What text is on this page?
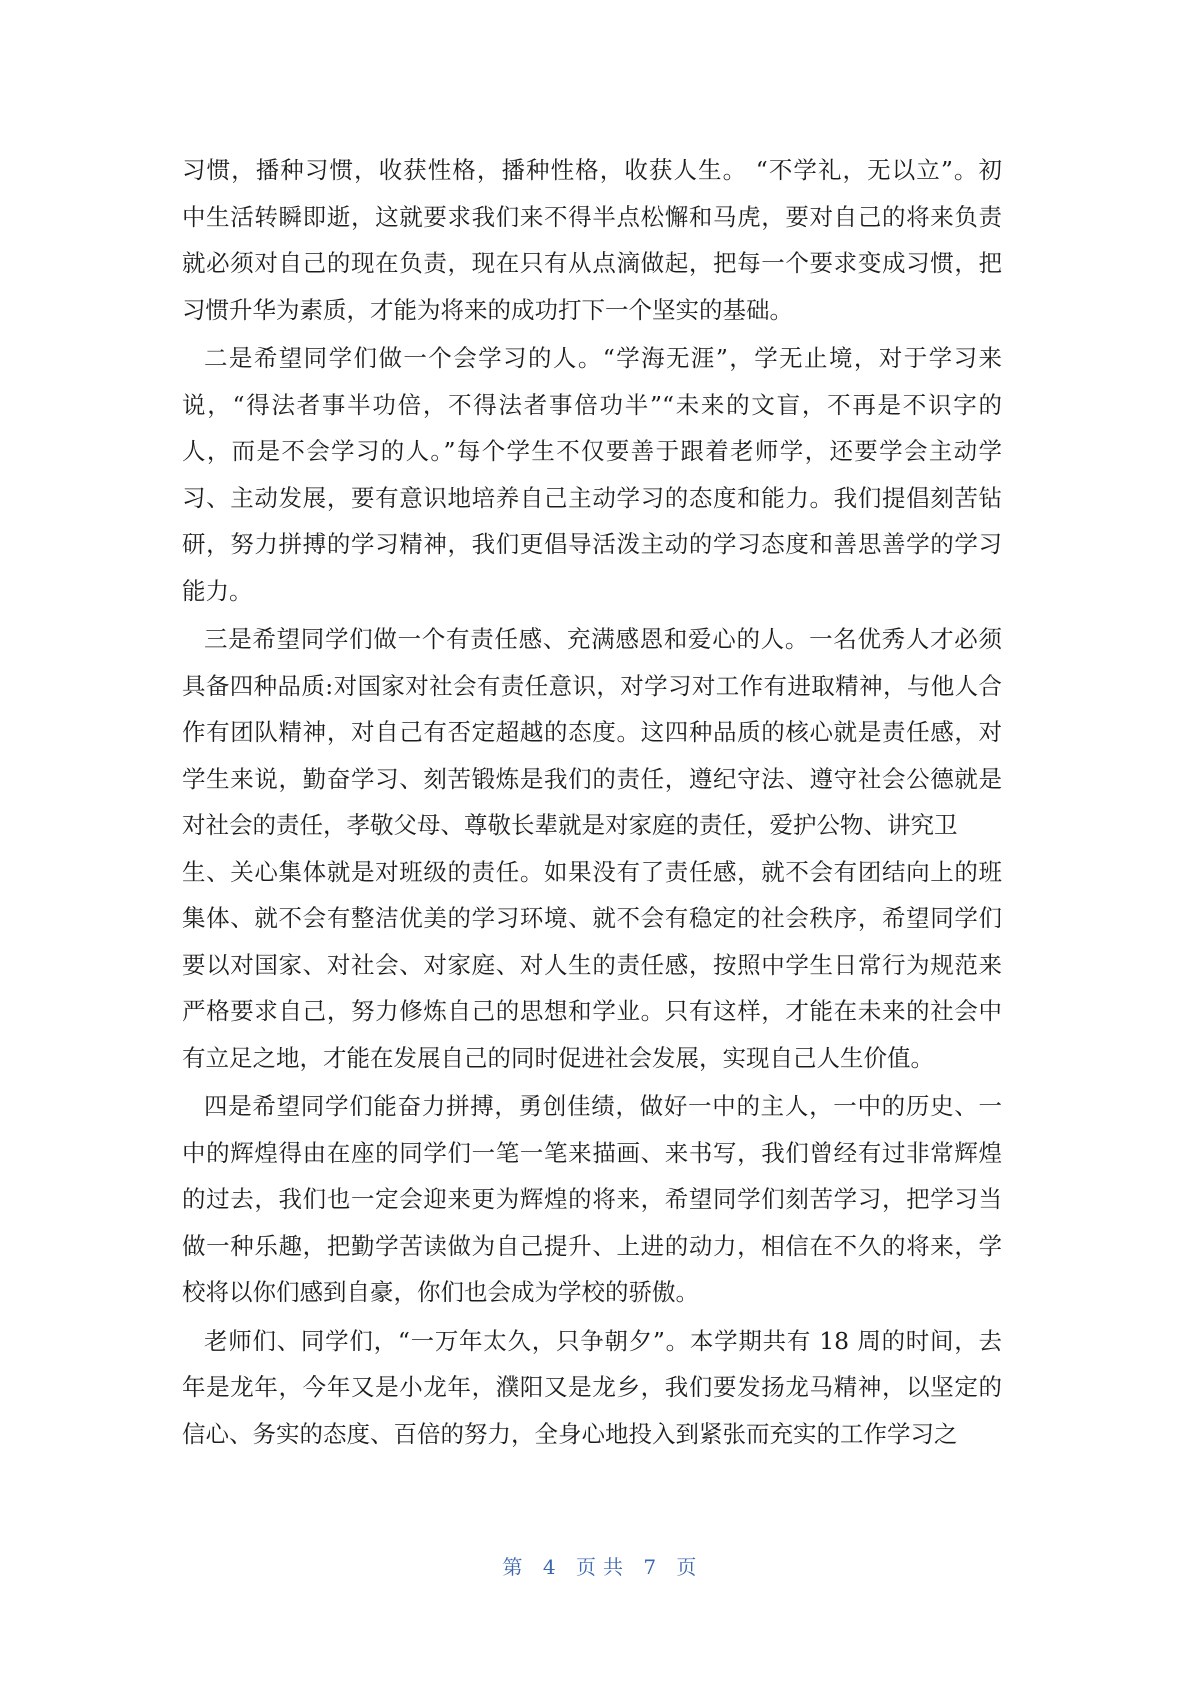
习惯，播种习惯，收获性格，播种性格，收获人生。 “不学礼，无以立”。初
中生活转瞬即逝，这就要求我们来不得半点松懈和马虎，要对自己的将来负责
就必须对自己的现在负责，现在只有从点滴做起，把每一个要求变成习惯，把
习惯升华为素质，才能为将来的成功打下一个坚实的基础。
二是希望同学们做一个会学习的人。“学海无涯”，学无止境，对于学习来
说，“得法者事半功倍，不得法者事倍功半”“未来的文盲，不再是不识字的
人，而是不会学习的人。”每个学生不仅要善于跟着老师学，还要学会主动学
习、主动发展，要有意识地培养自己主动学习的态度和能力。我们提倡刻苦钻
研，努力拼搏的学习精神，我们更倡导活泼主动的学习态度和善思善学的学习
能力。
三是希望同学们做一个有责任感、充满感恩和爱心的人。一名优秀人才必须
具备四种品质:对国家对社会有责任意识，对学习对工作有进取精神，与他人合
作有团队精神，对自己有否定超越的态度。这四种品质的核心就是责任感，对
学生来说，勤奋学习、刻苦锻炼是我们的责任，遵纪守法、遵守社会公德就是
对社会的责任，孝敬父母、尊敬长辈就是对家庭的责任，爱护公物、讲究卫
生、关心集体就是对班级的责任。如果没有了责任感，就不会有团结向上的班
集体、就不会有整洁优美的学习环境、就不会有稳定的社会秩序，希望同学们
要以对国家、对社会、对家庭、对人生的责任感，按照中学生日常行为规范来
严格要求自己，努力修炼自己的思想和学业。只有这样，才能在未来的社会中
有立足之地，才能在发展自己的同时促进社会发展，实现自己人生价值。
四是希望同学们能奋力拼搏，勇创佳绩，做好一中的主人，一中的历史、一
中的辉煌得由在座的同学们一笔一笔来描画、来书写，我们曾经有过非常辉煌
的过去，我们也一定会迎来更为辉煌的将来，希望同学们刻苦学习，把学习当
做一种乐趣，把勤学苦读做为自己提升、上进的动力，相信在不久的将来，学
校将以你们感到自豪，你们也会成为学校的骄傲。
老师们、同学们，“一万年太久，只争朝夕”。本学期共有 18 周的时间，去
年是龙年，今年又是小龙年，濮阳又是龙乡，我们要发扬龙马精神，以坚定的
信心、务实的态度、百倍的努力，全身心地投入到紧张而充实的工作学习之
第 4 页共 7 页
